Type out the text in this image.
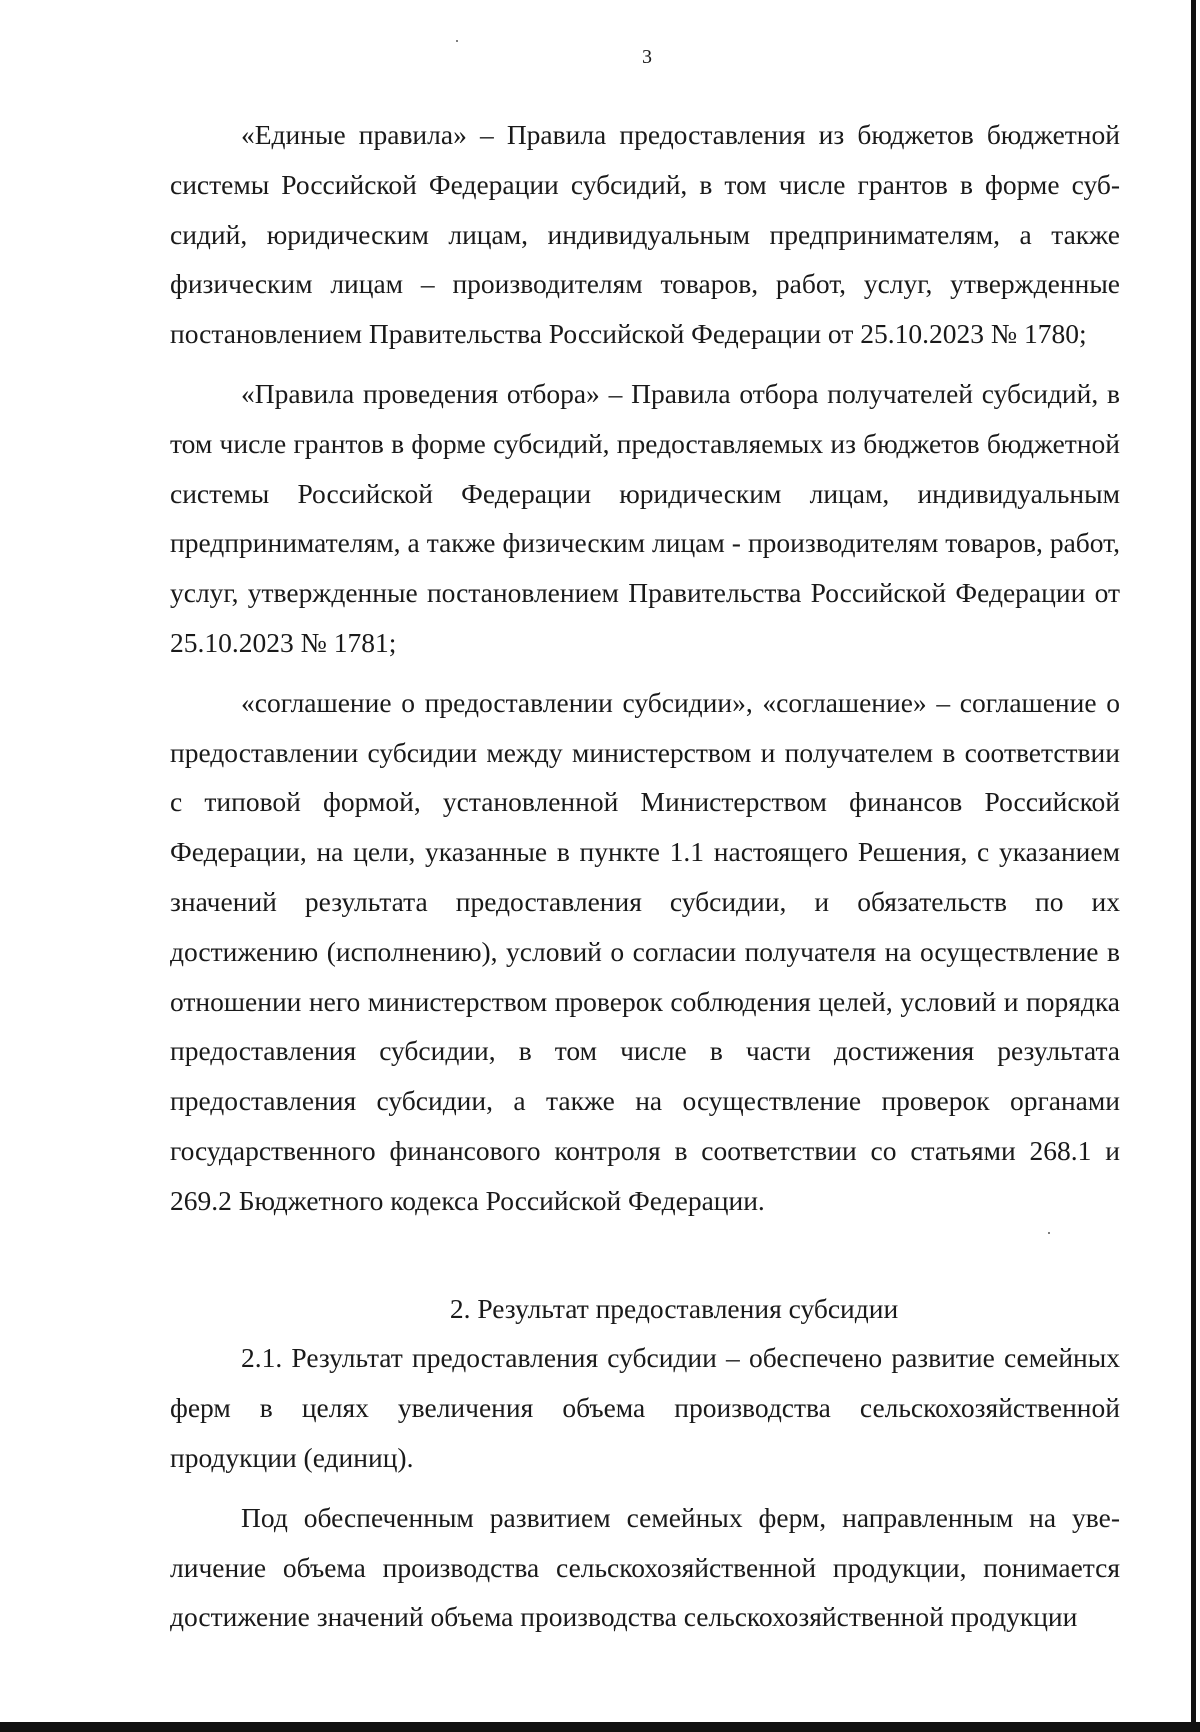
3

«Единые правила» – Правила предоставления из бюджетов бюджетной системы Российской Федерации субсидий, в том числе грантов в форме субсидий, юридическим лицам, индивидуальным предпринимателям, а также физическим лицам – производителям товаров, работ, услуг, утвержденные постановлением Правительства Российской Федерации от 25.10.2023 № 1780;

«Правила проведения отбора» – Правила отбора получателей субсидий, в том числе грантов в форме субсидий, предоставляемых из бюджетов бюджетной системы Российской Федерации юридическим лицам, индивидуальным предпринимателям, а также физическим лицам - производителям товаров, работ, услуг, утвержденные постановлением Правительства Российской Федерации от 25.10.2023 № 1781;

«соглашение о предоставлении субсидии», «соглашение» – соглашение о предоставлении субсидии между министерством и получателем в соответствии с типовой формой, установленной Министерством финансов Российской Федерации, на цели, указанные в пункте 1.1 настоящего Решения, с указанием значений результата предоставления субсидии, и обязательств по их достижению (исполнению), условий о согласии получателя на осуществление в отношении него министерством проверок соблюдения целей, условий и порядка предоставления субсидии, в том числе в части достижения результата предоставления субсидии, а также на осуществление проверок органами государственного финансового контроля в соответствии со статьями 268.1 и 269.2 Бюджетного кодекса Российской Федерации.

2. Результат предоставления субсидии

2.1. Результат предоставления субсидии – обеспечено развитие семейных ферм в целях увеличения объема производства сельскохозяйственной продукции (единиц).

Под обеспеченным развитием семейных ферм, направленным на увеличение объема производства сельскохозяйственной продукции, понимается достижение значений объема производства сельскохозяйственной продукции
